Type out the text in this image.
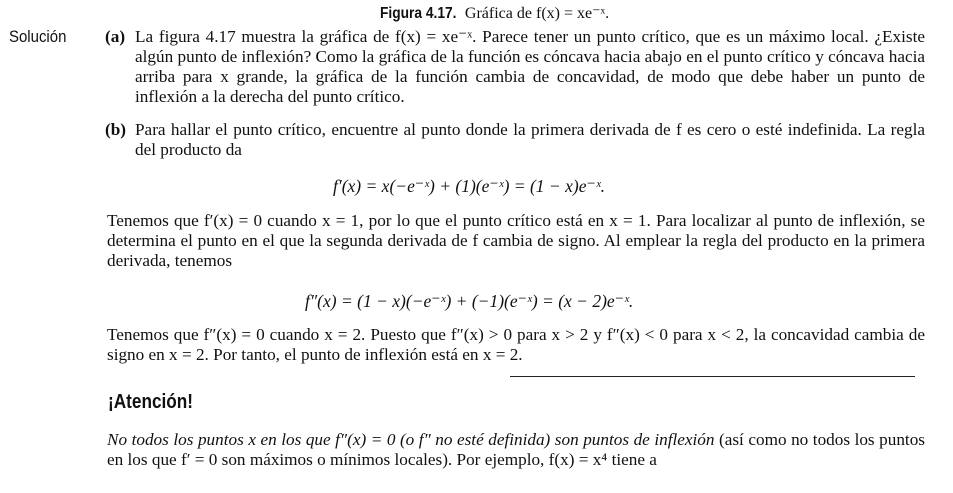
Figura 4.17. Gráfica de f(x) = xe⁻ˣ.
Solución (a) La figura 4.17 muestra la gráfica de f(x) = xe⁻ˣ. Parece tener un punto crítico, que es un máximo local. ¿Existe algún punto de inflexión? Como la gráfica de la función es cóncava hacia abajo en el punto crítico y cóncava hacia arriba para x grande, la gráfica de la función cambia de concavidad, de modo que debe haber un punto de inflexión a la derecha del punto crítico.
(b) Para hallar el punto crítico, encuentre al punto donde la primera derivada de f es cero o esté indefinida. La regla del producto da
f′(x) = x(−e⁻ˣ) + (1)(e⁻ˣ) = (1 − x)e⁻ˣ.
Tenemos que f′(x) = 0 cuando x = 1, por lo que el punto crítico está en x = 1. Para localizar al punto de inflexión, se determina el punto en el que la segunda derivada de f cambia de signo. Al emplear la regla del producto en la primera derivada, tenemos
f″(x) = (1 − x)(−e⁻ˣ) + (−1)(e⁻ˣ) = (x − 2)e⁻ˣ.
Tenemos que f″(x) = 0 cuando x = 2. Puesto que f″(x) > 0 para x > 2 y f″(x) < 0 para x < 2, la concavidad cambia de signo en x = 2. Por tanto, el punto de inflexión está en x = 2.
¡Atención!
No todos los puntos x en los que f″(x) = 0 (o f″ no esté definida) son puntos de inflexión (así como no todos los puntos en los que f′ = 0 son máximos o mínimos locales). Por ejemplo, f(x) = x⁴ tiene a
